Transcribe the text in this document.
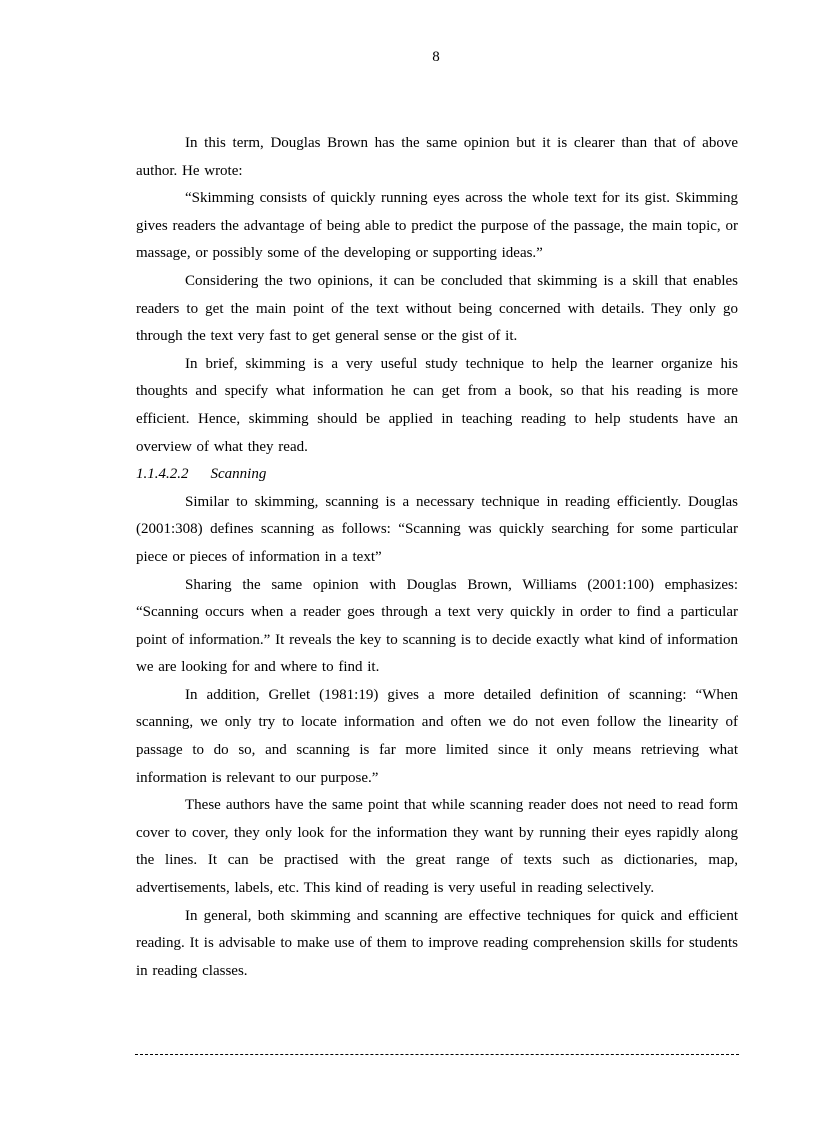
8

In this term, Douglas Brown has the same opinion but it is clearer than that of above author. He wrote:

“Skimming consists of quickly running eyes across the whole text for its gist. Skimming gives readers the advantage of being able to predict the purpose of the passage, the main topic, or massage, or possibly some of the developing or supporting ideas.”

Considering the two opinions, it can be concluded that skimming is a skill that enables readers to get the main point of the text without being concerned with details. They only go through the text very fast to get general sense or the gist of it.

In brief, skimming is a very useful study technique to help the learner organize his thoughts and specify what information he can get from a book, so that his reading is more efficient. Hence, skimming should be applied in teaching reading to help students have an overview of what they read.

1.1.4.2.2 Scanning

Similar to skimming, scanning is a necessary technique in reading efficiently. Douglas (2001:308) defines scanning as follows: “Scanning was quickly searching for some particular piece or pieces of information in a text”

Sharing the same opinion with Douglas Brown, Williams (2001:100) emphasizes: “Scanning occurs when a reader goes through a text very quickly in order to find a particular point of information.” It reveals the key to scanning is to decide exactly what kind of information we are looking for and where to find it.

In addition, Grellet (1981:19) gives a more detailed definition of scanning: “When scanning, we only try to locate information and often we do not even follow the linearity of passage to do so, and scanning is far more limited since it only means retrieving what information is relevant to our purpose.”

These authors have the same point that while scanning reader does not need to read form cover to cover, they only look for the information they want by running their eyes rapidly along the lines. It can be practised with the great range of texts such as dictionaries, map, advertisements, labels, etc. This kind of reading is very useful in reading selectively.

In general, both skimming and scanning are effective techniques for quick and efficient reading. It is advisable to make use of them to improve reading comprehension skills for students in reading classes.
